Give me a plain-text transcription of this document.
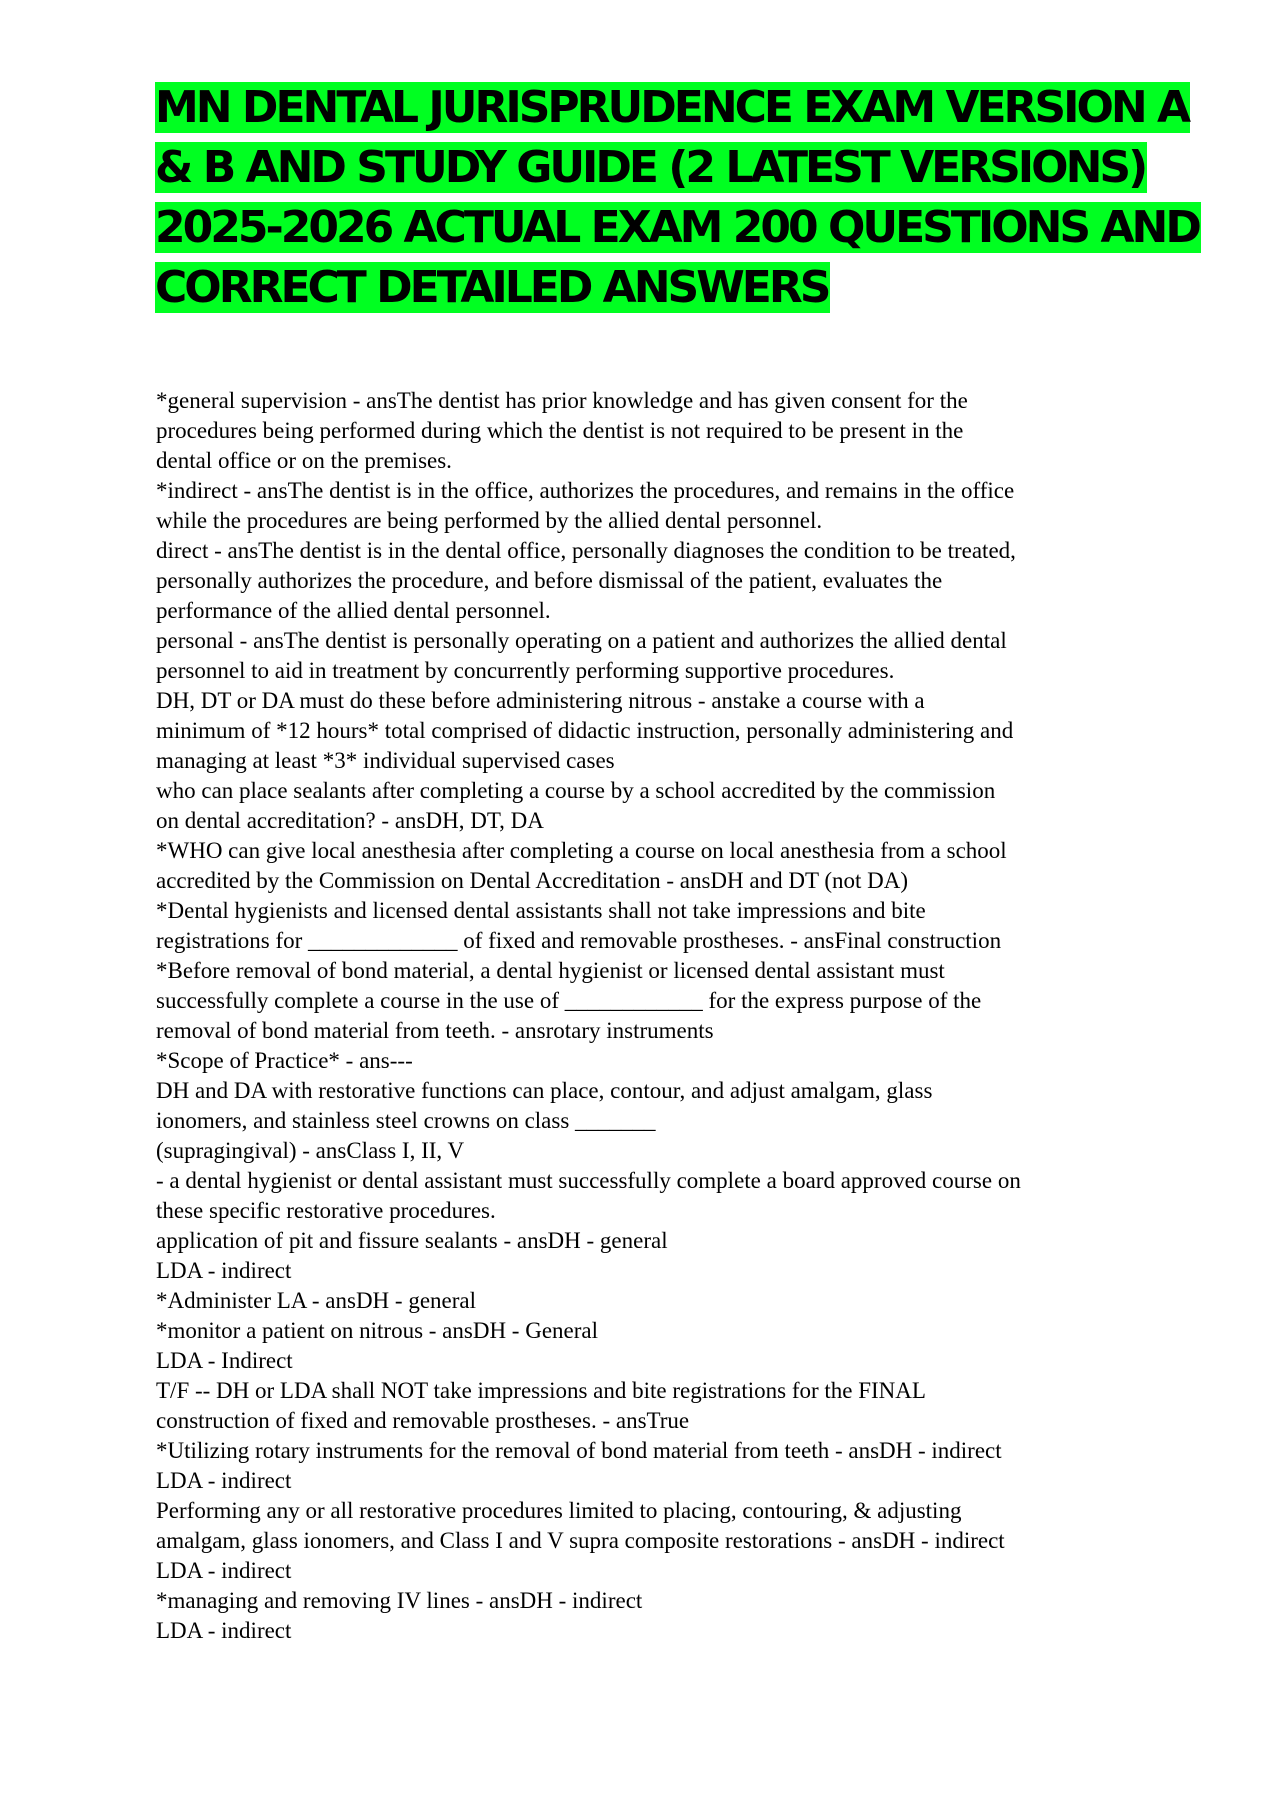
MN DENTAL JURISPRUDENCE EXAM VERSION A
& B AND STUDY GUIDE (2 LATEST VERSIONS)
2025-2026 ACTUAL EXAM 200 QUESTIONS AND
CORRECT DETAILED ANSWERS
*general supervision - ansThe dentist has prior knowledge and has given consent for the
procedures being performed during which the dentist is not required to be present in the
dental office or on the premises.
*indirect - ansThe dentist is in the office, authorizes the procedures, and remains in the office
while the procedures are being performed by the allied dental personnel.
direct - ansThe dentist is in the dental office, personally diagnoses the condition to be treated,
personally authorizes the procedure, and before dismissal of the patient, evaluates the
performance of the allied dental personnel.
personal - ansThe dentist is personally operating on a patient and authorizes the allied dental
personnel to aid in treatment by concurrently performing supportive procedures.
DH, DT or DA must do these before administering nitrous - anstake a course with a
minimum of *12 hours* total comprised of didactic instruction, personally administering and
managing at least *3* individual supervised cases
who can place sealants after completing a course by a school accredited by the commission
on dental accreditation? - ansDH, DT, DA
*WHO can give local anesthesia after completing a course on local anesthesia from a school
accredited by the Commission on Dental Accreditation - ansDH and DT (not DA)
*Dental hygienists and licensed dental assistants shall not take impressions and bite
registrations for _____________ of fixed and removable prostheses. - ansFinal construction
*Before removal of bond material, a dental hygienist or licensed dental assistant must
successfully complete a course in the use of ____________ for the express purpose of the
removal of bond material from teeth. - ansrotary instruments
*Scope of Practice* - ans---
DH and DA with restorative functions can place, contour, and adjust amalgam, glass
ionomers, and stainless steel crowns on class _______
(supragingival) - ansClass I, II, V
- a dental hygienist or dental assistant must successfully complete a board approved course on
these specific restorative procedures.
application of pit and fissure sealants - ansDH - general
LDA - indirect
*Administer LA - ansDH - general
*monitor a patient on nitrous - ansDH - General
LDA - Indirect
T/F -- DH or LDA shall NOT take impressions and bite registrations for the FINAL
construction of fixed and removable prostheses. - ansTrue
*Utilizing rotary instruments for the removal of bond material from teeth - ansDH - indirect
LDA - indirect
Performing any or all restorative procedures limited to placing, contouring, & adjusting
amalgam, glass ionomers, and Class I and V supra composite restorations - ansDH - indirect
LDA - indirect
*managing and removing IV lines - ansDH - indirect
LDA - indirect
